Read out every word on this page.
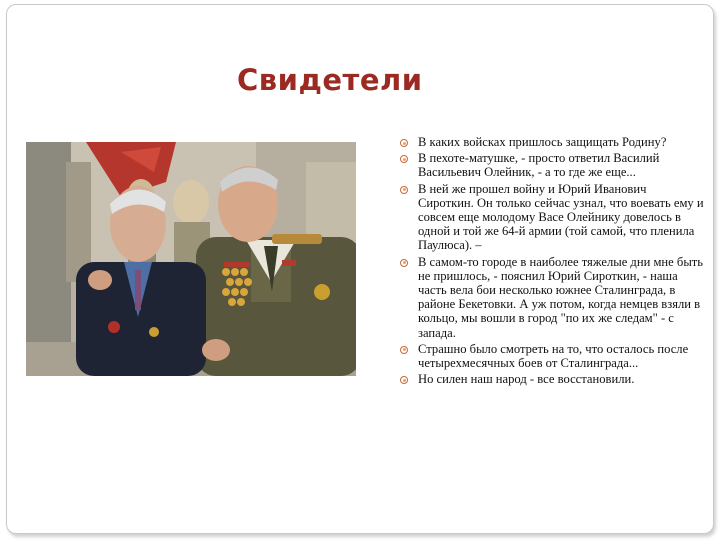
Свидетели
В каких войсках пришлось защищать Родину?
В пехоте-матушке, - просто ответил Василий Васильевич Олейник, - а то где же еще...
В ней же прошел войну и Юрий Иванович Сироткин. Он только сейчас узнал, что воевать ему и совсем еще молодому Васе Олейнику довелось в одной и той же 64-й армии (той самой, что пленила Паулюса). –
В самом-то городе в наиболее тяжелые дни мне быть не пришлось, - пояснил Юрий Сироткин, - наша часть вела бои несколько южнее Сталинграда, в районе Бекетовки. А уж потом, когда немцев взяли в кольцо, мы вошли в город "по их же следам" - с запада.
Страшно было смотреть на то, что осталось после четырехмесячных боев от Сталинграда...
Но силен наш народ - все восстановили.
